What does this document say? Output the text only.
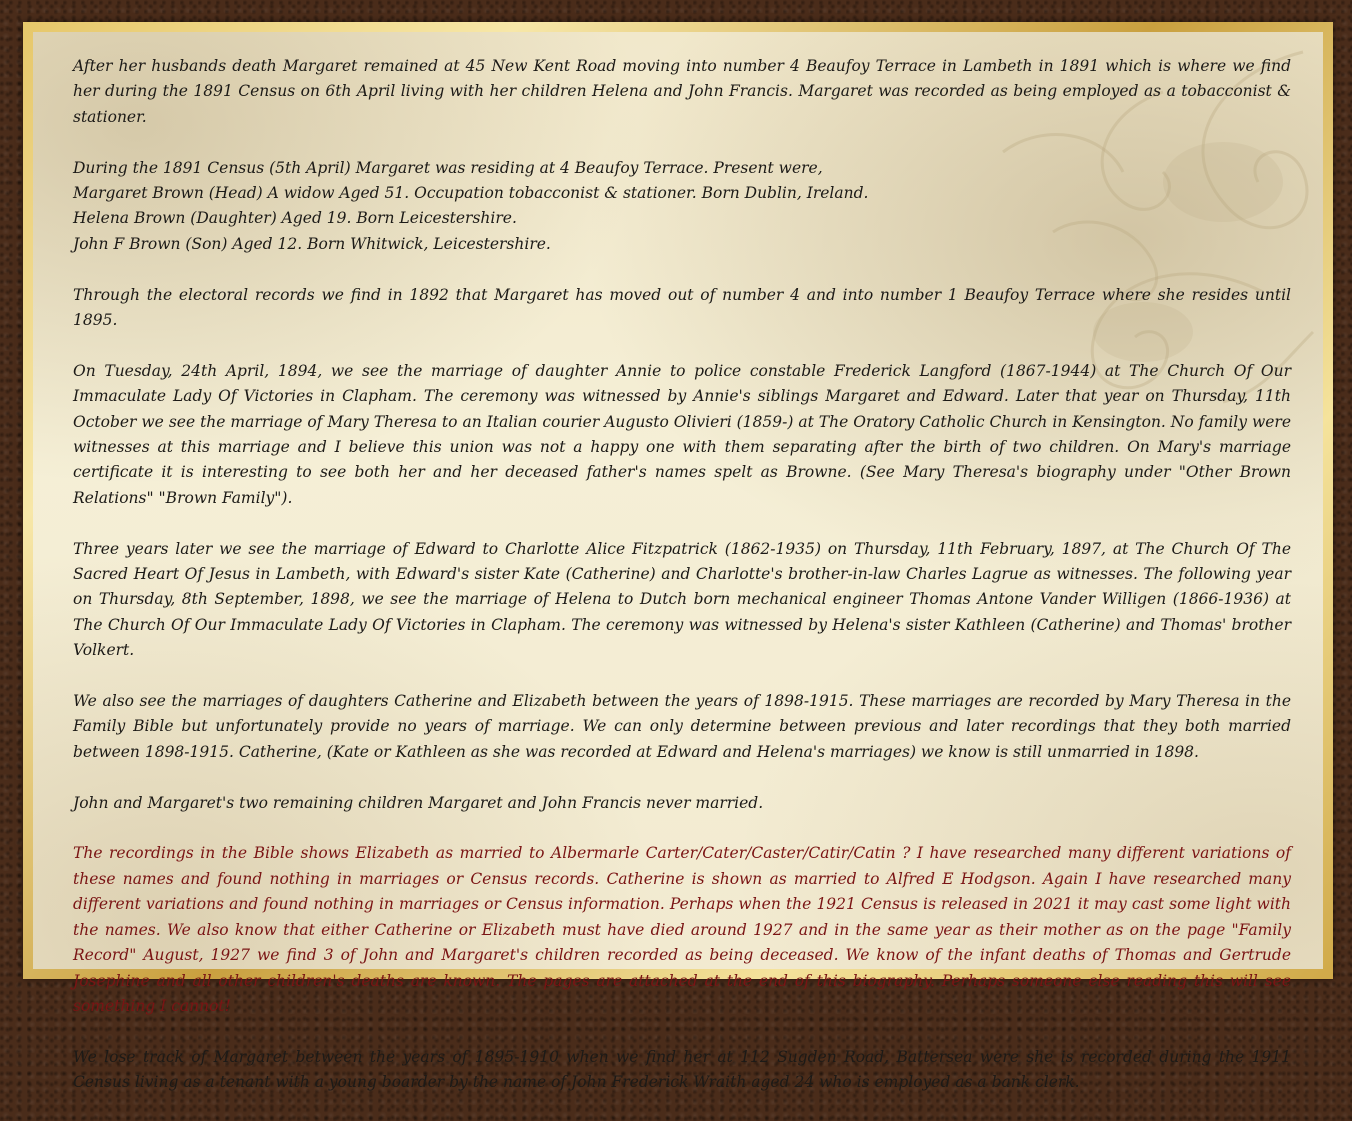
After her husbands death Margaret remained at 45 New Kent Road moving into number 4 Beaufoy Terrace in Lambeth in 1891 which is where we find her during the 1891 Census on 6th April living with her children Helena and John Francis. Margaret was recorded as being employed as a tobacconist & stationer.

During the 1891 Census (5th April) Margaret was residing at 4 Beaufoy Terrace. Present were,
Margaret Brown (Head) A widow Aged 51. Occupation tobacconist & stationer. Born Dublin, Ireland.
Helena Brown (Daughter) Aged 19. Born Leicestershire.
John F Brown (Son) Aged 12. Born Whitwick, Leicestershire.

Through the electoral records we find in 1892 that Margaret has moved out of number 4 and into number 1 Beaufoy Terrace where she resides until 1895.

On Tuesday, 24th April, 1894, we see the marriage of daughter Annie to police constable Frederick Langford (1867-1944) at The Church Of Our Immaculate Lady Of Victories in Clapham. The ceremony was witnessed by Annie's siblings Margaret and Edward. Later that year on Thursday, 11th October we see the marriage of Mary Theresa to an Italian courier Augusto Olivieri (1859-) at The Oratory Catholic Church in Kensington. No family were witnesses at this marriage and I believe this union was not a happy one with them separating after the birth of two children. On Mary's marriage certificate it is interesting to see both her and her deceased father's names spelt as Browne. (See Mary Theresa's biography under "Other Brown Relations" "Brown Family").

Three years later we see the marriage of Edward to Charlotte Alice Fitzpatrick (1862-1935) on Thursday, 11th February, 1897, at The Church Of The Sacred Heart Of Jesus in Lambeth, with Edward's sister Kate (Catherine) and Charlotte's brother-in-law Charles Lagrue as witnesses. The following year on Thursday, 8th September, 1898, we see the marriage of Helena to Dutch born mechanical engineer Thomas Antone Vander Willigen (1866-1936) at The Church Of Our Immaculate Lady Of Victories in Clapham. The ceremony was witnessed by Helena's sister Kathleen (Catherine) and Thomas' brother Volkert.

We also see the marriages of daughters Catherine and Elizabeth between the years of 1898-1915. These marriages are recorded by Mary Theresa in the Family Bible but unfortunately provide no years of marriage. We can only determine between previous and later recordings that they both married between 1898-1915. Catherine, (Kate or Kathleen as she was recorded at Edward and Helena's marriages) we know is still unmarried in 1898.

John and Margaret's two remaining children Margaret and John Francis never married.

The recordings in the Bible shows Elizabeth as married to Albermarle Carter/Cater/Caster/Catir/Catin ? I have researched many different variations of these names and found nothing in marriages or Census records. Catherine is shown as married to Alfred E Hodgson. Again I have researched many different variations and found nothing in marriages or Census information. Perhaps when the 1921 Census is released in 2021 it may cast some light with the names. We also know that either Catherine or Elizabeth must have died around 1927 and in the same year as their mother as on the page "Family Record" August, 1927 we find 3 of John and Margaret's children recorded as being deceased. We know of the infant deaths of Thomas and Gertrude Josephine and all other children's deaths are known. The pages are attached at the end of this biography. Perhaps someone else reading this will see something I cannot!

We lose track of Margaret between the years of 1895-1910 when we find her at 112 Sugden Road, Battersea were she is recorded during the 1911 Census living as a tenant with a young boarder by the name of John Frederick Wraith aged 24 who is employed as a bank clerk.
